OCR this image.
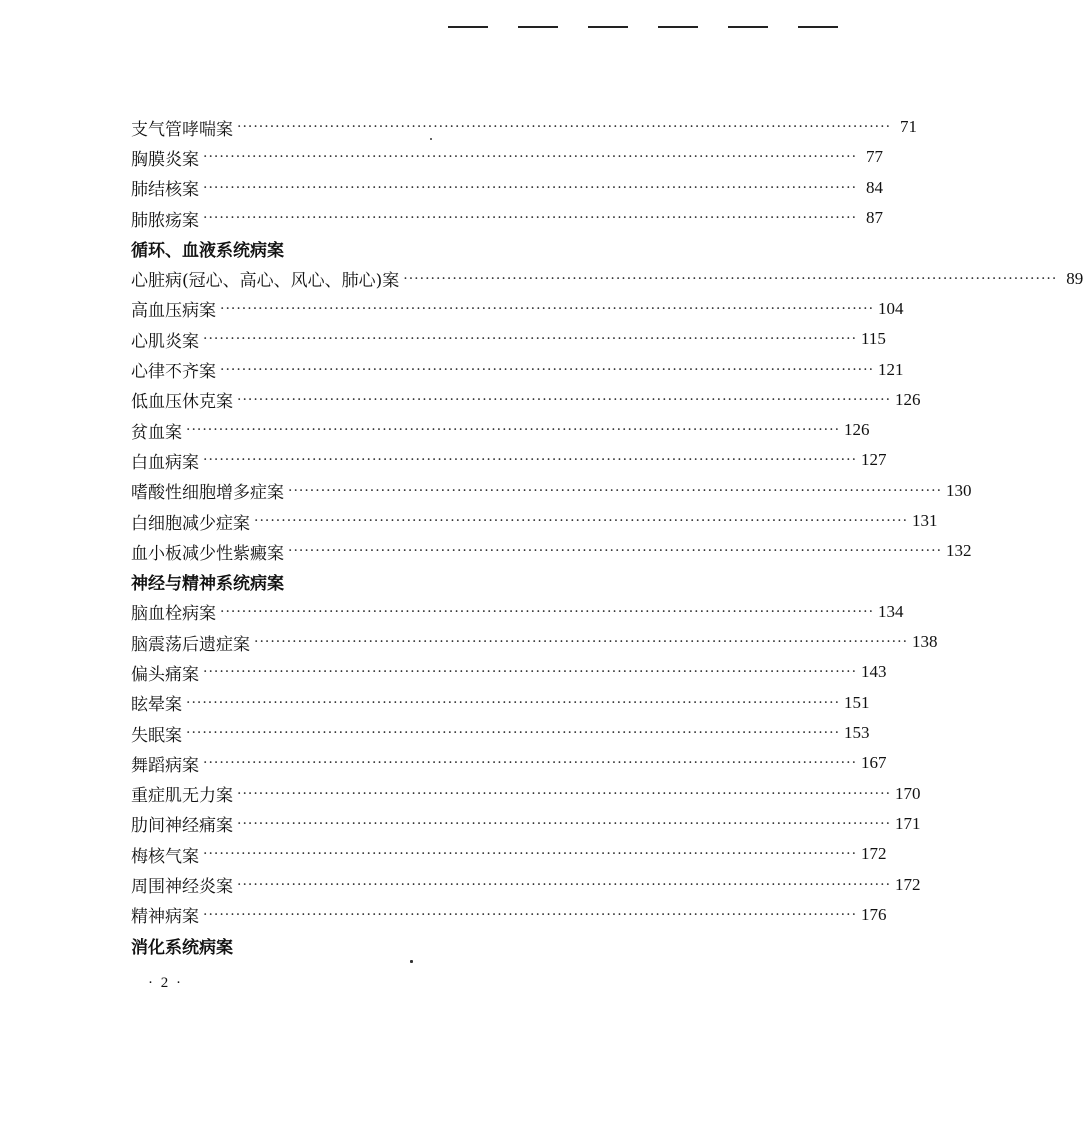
支气管哮喘案 ························································································································ 71
胸膜炎案 ························································································································ 77
肺结核案 ························································································································ 84
肺脓疡案 ························································································································ 87
循环、血液系统病案
心脏病(冠心、高心、风心、肺心)案 ························································································································ 89
高血压病案 ························································································································ 104
心肌炎案 ························································································································ 115
心律不齐案 ························································································································ 121
低血压休克案 ························································································································ 126
贫血案 ························································································································ 126
白血病案 ························································································································ 127
嗜酸性细胞增多症案 ························································································································ 130
白细胞减少症案 ························································································································ 131
血小板减少性紫癜案 ························································································································ 132
神经与精神系统病案
脑血栓病案 ························································································································ 134
脑震荡后遗症案 ························································································································ 138
偏头痛案 ························································································································ 143
眩晕案 ························································································································ 151
失眠案 ························································································································ 153
舞蹈病案 ························································································································ 167
重症肌无力案 ························································································································ 170
肋间神经痛案 ························································································································ 171
梅核气案 ························································································································ 172
周围神经炎案 ························································································································ 172
精神病案 ························································································································ 176
消化系统病案
· 2 ·
